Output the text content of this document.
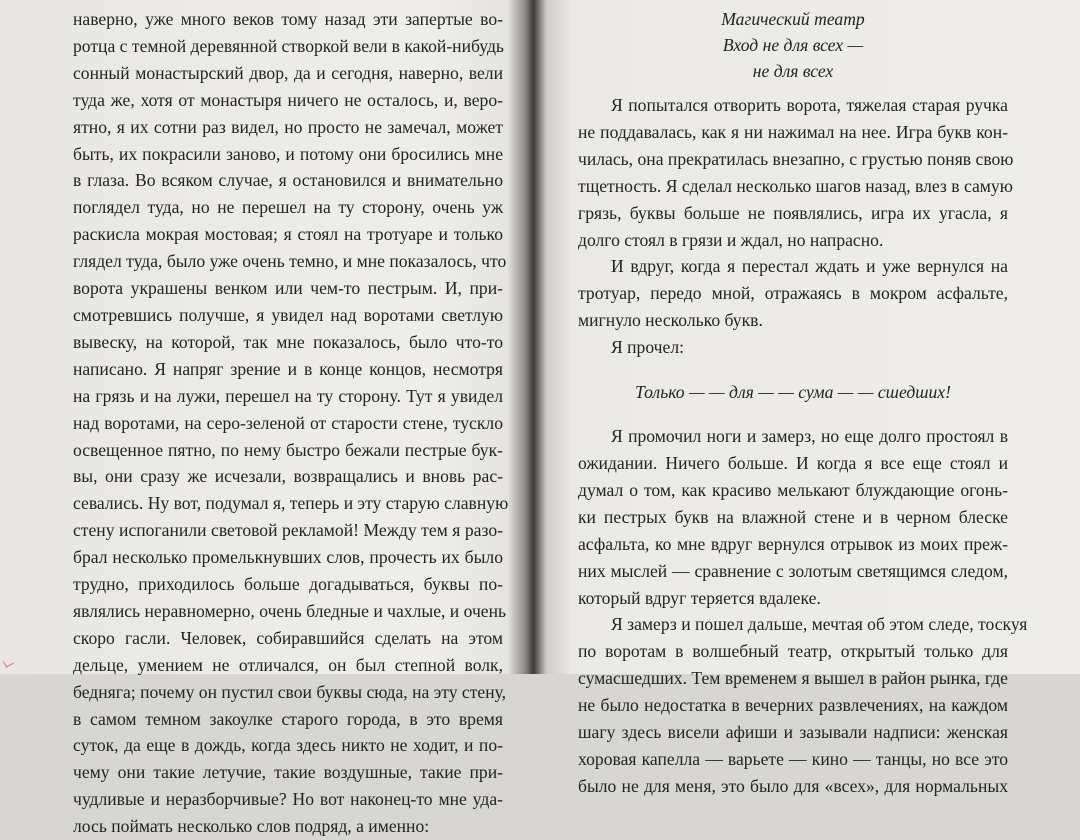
наверно, уже много веков тому назад эти запертые во-
ротца с темной деревянной створкой вели в какой-нибудь
сонный монастырский двор, да и сегодня, наверно, вели
туда же, хотя от монастыря ничего не осталось, и, веро-
ятно, я их сотни раз видел, но просто не замечал, может
быть, их покрасили заново, и потому они бросились мне
в глаза. Во всяком случае, я остановился и внимательно
поглядел туда, но не перешел на ту сторону, очень уж
раскисла мокрая мостовая; я стоял на тротуаре и только
глядел туда, было уже очень темно, и мне показалось, что
ворота украшены венком или чем-то пестрым. И, при-
смотревшись получше, я увидел над воротами светлую
вывеску, на которой, так мне показалось, было что-то
написано. Я напряг зрение и в конце концов, несмотря
на грязь и на лужи, перешел на ту сторону. Тут я увидел
над воротами, на серо-зеленой от старости стене, тускло
освещенное пятно, по нему быстро бежали пестрые бук-
вы, они сразу же исчезали, возвращались и вновь рас-
севались. Ну вот, подумал я, теперь и эту старую славную
стену испоганили световой рекламой! Между тем я разо-
брал несколько промелькнувших слов, прочесть их было
трудно, приходилось больше догадываться, буквы по-
являлись неравномерно, очень бледные и чахлые, и очень
скоро гасли. Человек, собиравшийся сделать на этом
дельце, умением не отличался, он был степной волк,
бедняга; почему он пустил свои буквы сюда, на эту стену,
в самом темном закоулке старого города, в это время
суток, да еще в дождь, когда здесь никто не ходит, и по-
чему они такие летучие, такие воздушные, такие при-
чудливые и неразборчивые? Но вот наконец-то мне уда-
лось поймать несколько слов подряд, а именно:
Магический театр
Вход не для всех —
не для всех
Я попытался отворить ворота, тяжелая старая ручка
не поддавалась, как я ни нажимал на нее. Игра букв кон-
чилась, она прекратилась внезапно, с грустью поняв свою
тщетность. Я сделал несколько шагов назад, влез в самую
грязь, буквы больше не появлялись, игра их угасла, я
долго стоял в грязи и ждал, но напрасно.
И вдруг, когда я перестал ждать и уже вернулся на
тротуар, передо мной, отражаясь в мокром асфальте,
мигнуло несколько букв.
Я прочел:
Только — — для — — сума — — сшедших!
Я промочил ноги и замерз, но еще долго простоял в
ожидании. Ничего больше. И когда я все еще стоял и
думал о том, как красиво мелькают блуждающие огонь-
ки пестрых букв на влажной стене и в черном блеске
асфальта, ко мне вдруг вернулся отрывок из моих преж-
них мыслей — сравнение с золотым светящимся следом,
который вдруг теряется вдалеке.
Я замерз и пошел дальше, мечтая об этом следе, тоскуя
по воротам в волшебный театр, открытый только для
сумасшедших. Тем временем я вышел в район рынка, где
не было недостатка в вечерних развлечениях, на каждом
шагу здесь висели афиши и зазывали надписи: женская
хоровая капелла — варьете — кино — танцы, но все это
было не для меня, это было для «всех», для нормальных
